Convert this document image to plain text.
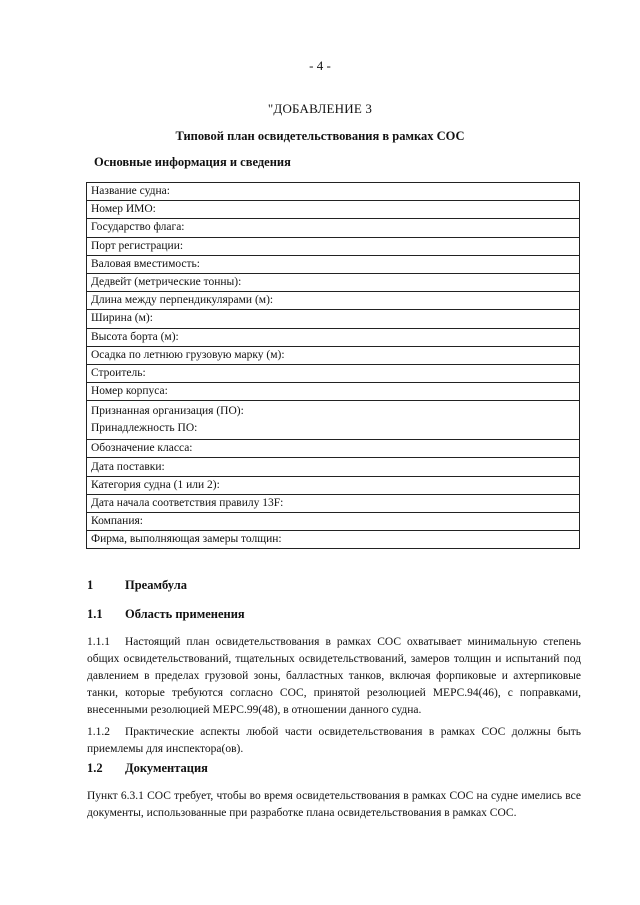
- 4 -
"ДОБАВЛЕНИЕ 3
Типовой план освидетельствования в рамках СОС
Основные информация и сведения
Название судна:
Номер ИМО:
Государство флага:
Порт регистрации:
Валовая вместимость:
Дедвейт (метрические тонны):
Длина между перпендикулярами (м):
Ширина (м):
Высота борта (м):
Осадка по летнюю грузовую марку (м):
Строитель:
Номер корпуса:

Признанная организация (ПО):
Принадлежность ПО:

Обозначение класса:
Дата поставки:
Категория судна (1 или 2):
Дата начала соответствия правилу 13F:
Компания:
Фирма, выполняющая замеры толщин:
1	Преамбула
1.1 Область применения
1.1.1 Настоящий план освидетельствования в рамках СОС охватывает минимальную степень общих освидетельствований, тщательных освидетельствований, замеров толщин и испытаний под давлением в пределах грузовой зоны, балластных танков, включая форпиковые и ахтерпиковые танки, которые требуются согласно СОС, принятой резолюцией МЕРС.94(46), с поправками, внесенными резолюцией МЕРС.99(48), в отношении данного судна.
1.1.2 Практические аспекты любой части освидетельствования в рамках СОС должны быть приемлемы для инспектора(ов).
1.2 Документация
Пункт 6.3.1 СОС требует, чтобы во время освидетельствования в рамках СОС на судне имелись все документы, использованные при разработке плана освидетельствования в рамках СОС.
